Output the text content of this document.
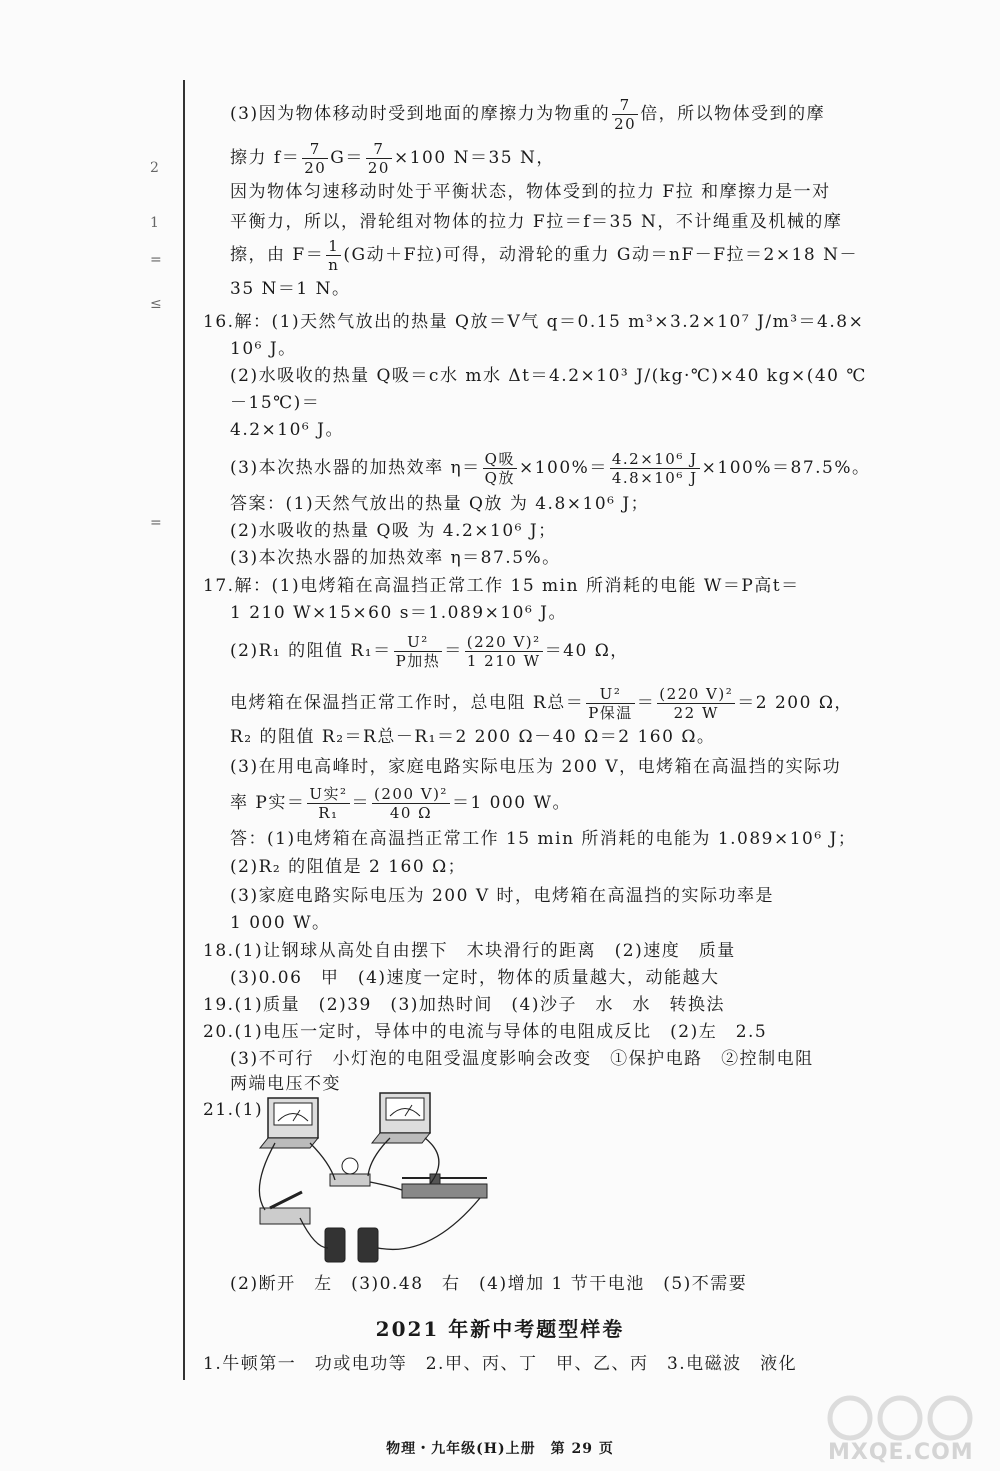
2
1
=
≤
=
(3)因为物体移动时受到地面的摩擦力为物重的 $\frac{7}{20}$ 倍，所以物体受到的摩
擦力 $f= \frac{7}{20} G= \frac{7}{20} \times 100$ N＝35 N，
因为物体匀速移动时处于平衡状态，物体受到的拉力 F拉 和摩擦力是一对
平衡力，所以，滑轮组对物体的拉力 F拉＝f＝35 N，不计绳重及机械的摩
擦，由 $F= \frac{1}{n} (G$动＋F拉)可得，动滑轮的重力 G动＝nF－F拉＝2×18 N－
35 N＝1 N。
16.解：(1)天然气放出的热量 Q放＝V气 q＝0.15 m³×3.2×10⁷ J/m³＝4.8×
10⁶ J。
(2)水吸收的热量 Q吸＝c水 m水 Δt＝4.2×10³ J/(kg·℃)×40 kg×(40 ℃
－15℃)＝
4.2×10⁶ J。
(3)本次热水器的加热效率 $\eta= \frac{\text{Q吸}}{\text{Q放}} \times 100\%= \frac{\text{4.2×10⁶ J}}{\text{4.8×10⁶ J}} \times 100\%=87.5\%$。
答案：(1)天然气放出的热量 Q放 为 4.8×10⁶ J；
(2)水吸收的热量 Q吸 为 4.2×10⁶ J；
(3)本次热水器的加热效率 η＝87.5%。
17.解：(1)电烤箱在高温挡正常工作 15 min 所消耗的电能 W＝P高t＝
1 210 W×15×60 s＝1.089×10⁶ J。
(2)R₁ 的阻值 $R_1= \frac{\text{U²}}{\text{P加热}} = \frac{\text{(220 V)²}}{1 210 W} =40$ Ω，
电烤箱在保温挡正常工作时，总电阻 R总＝ $\frac{\text{U²}}{\text{P保温}} = \frac{\text{(220 V)²}}{22 W} =2$ 200 Ω，
R₂ 的阻值 R₂＝R总－R₁＝2 200 Ω－40 Ω＝2 160 Ω。
(3)在用电高峰时，家庭电路实际电压为 200 V，电烤箱在高温挡的实际功
率 P实＝ $\frac{\text{U实²}}{\text{R₁}} = \frac{\text{(200 V)²}}{40 \Omega} =1$ 000 W。
答：(1)电烤箱在高温挡正常工作 15 min 所消耗的电能为 1.089×10⁶ J；
(2)R₂ 的阻值是 2 160 Ω；
(3)家庭电路实际电压为 200 V 时，电烤箱在高温挡的实际功率是
1 000 W。
18.(1)让钢球从高处自由摆下　木块滑行的距离　(2)速度　质量
(3)0.06　甲　(4)速度一定时，物体的质量越大，动能越大
19.(1)质量　(2)39　(3)加热时间　(4)沙子　水　水　转换法
20.(1)电压一定时，导体中的电流与导体的电阻成反比　(2)左　2.5
(3)不可行　小灯泡的电阻受温度影响会改变　①保护电路　②控制电阻
两端电压不变
21.(1)
(2)断开　左　(3)0.48　右　(4)增加 1 节干电池　(5)不需要
2021 年新中考题型样卷
1.牛顿第一　功或电功等　2.甲、丙、丁　甲、乙、丙　3.电磁波　液化
物理・九年级(H)上册　第 29 页	MXQE.COM
